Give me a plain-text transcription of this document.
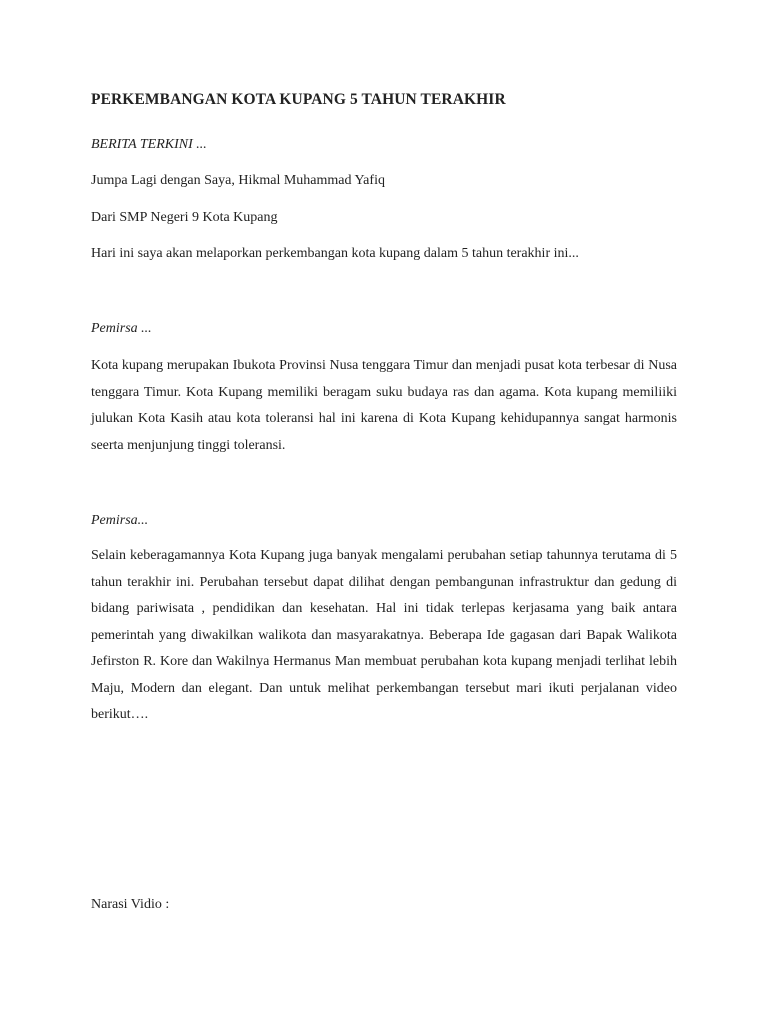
PERKEMBANGAN KOTA KUPANG 5 TAHUN TERAKHIR

BERITA TERKINI ...

Jumpa Lagi dengan Saya, Hikmal Muhammad Yafiq

Dari SMP Negeri 9 Kota Kupang

Hari ini saya akan melaporkan perkembangan kota kupang dalam 5 tahun terakhir ini...

Pemirsa ...

Kota kupang merupakan Ibukota Provinsi Nusa tenggara Timur dan menjadi pusat kota terbesar di Nusa tenggara Timur. Kota Kupang memiliki beragam suku budaya ras dan agama. Kota kupang memiliiki julukan Kota Kasih atau kota toleransi hal ini karena di Kota Kupang kehidupannya sangat harmonis seerta menjunjung tinggi toleransi.

Pemirsa...

Selain keberagamannya Kota Kupang juga banyak mengalami perubahan setiap tahunnya terutama di 5 tahun terakhir ini. Perubahan tersebut dapat dilihat dengan pembangunan infrastruktur dan gedung di bidang pariwisata , pendidikan dan kesehatan. Hal ini tidak terlepas kerjasama yang baik antara pemerintah yang diwakilkan walikota dan masyarakatnya. Beberapa Ide gagasan dari Bapak Walikota Jefirston R. Kore dan Wakilnya Hermanus Man membuat perubahan kota kupang menjadi terlihat lebih Maju, Modern dan elegant. Dan untuk melihat perkembangan tersebut mari ikuti perjalanan video berikut….

Narasi Vidio :
